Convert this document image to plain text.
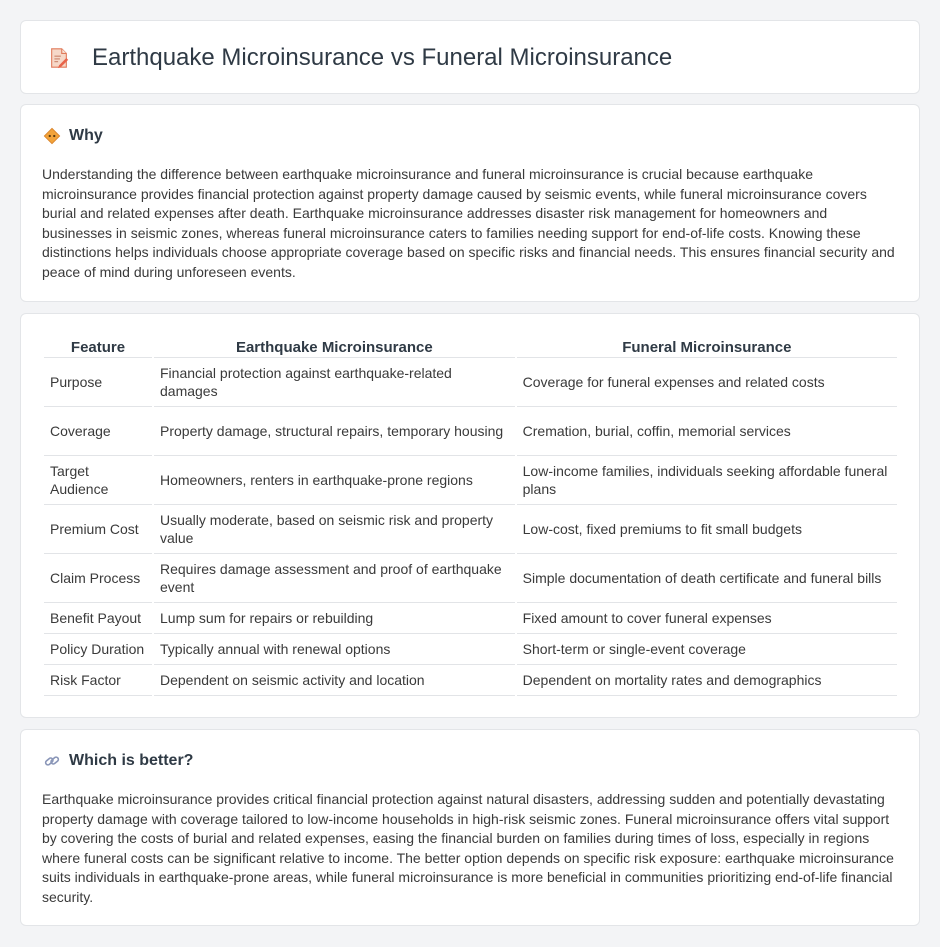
Earthquake Microinsurance vs Funeral Microinsurance
Why

Understanding the difference between earthquake microinsurance and funeral microinsurance is crucial because earthquake microinsurance provides financial protection against property damage caused by seismic events, while funeral microinsurance covers burial and related expenses after death. Earthquake microinsurance addresses disaster risk management for homeowners and businesses in seismic zones, whereas funeral microinsurance caters to families needing support for end-of-life costs. Knowing these distinctions helps individuals choose appropriate coverage based on specific risks and financial needs. This ensures financial security and peace of mind during unforeseen events.

Feature	Earthquake Microinsurance	Funeral Microinsurance
Purpose	Financial protection against earthquake-related damages	Coverage for funeral expenses and related costs
Coverage	Property damage, structural repairs, temporary housing	Cremation, burial, coffin, memorial services
Target Audience	Homeowners, renters in earthquake-prone regions	Low-income families, individuals seeking affordable funeral plans
Premium Cost	Usually moderate, based on seismic risk and property value	Low-cost, fixed premiums to fit small budgets
Claim Process	Requires damage assessment and proof of earthquake event	Simple documentation of death certificate and funeral bills
Benefit Payout	Lump sum for repairs or rebuilding	Fixed amount to cover funeral expenses
Policy Duration	Typically annual with renewal options	Short-term or single-event coverage
Risk Factor	Dependent on seismic activity and location	Dependent on mortality rates and demographics
Which is better?

Earthquake microinsurance provides critical financial protection against natural disasters, addressing sudden and potentially devastating property damage with coverage tailored to low-income households in high-risk seismic zones. Funeral microinsurance offers vital support by covering the costs of burial and related expenses, easing the financial burden on families during times of loss, especially in regions where funeral costs can be significant relative to income. The better option depends on specific risk exposure: earthquake microinsurance suits individuals in earthquake-prone areas, while funeral microinsurance is more beneficial in communities prioritizing end-of-life financial security.
